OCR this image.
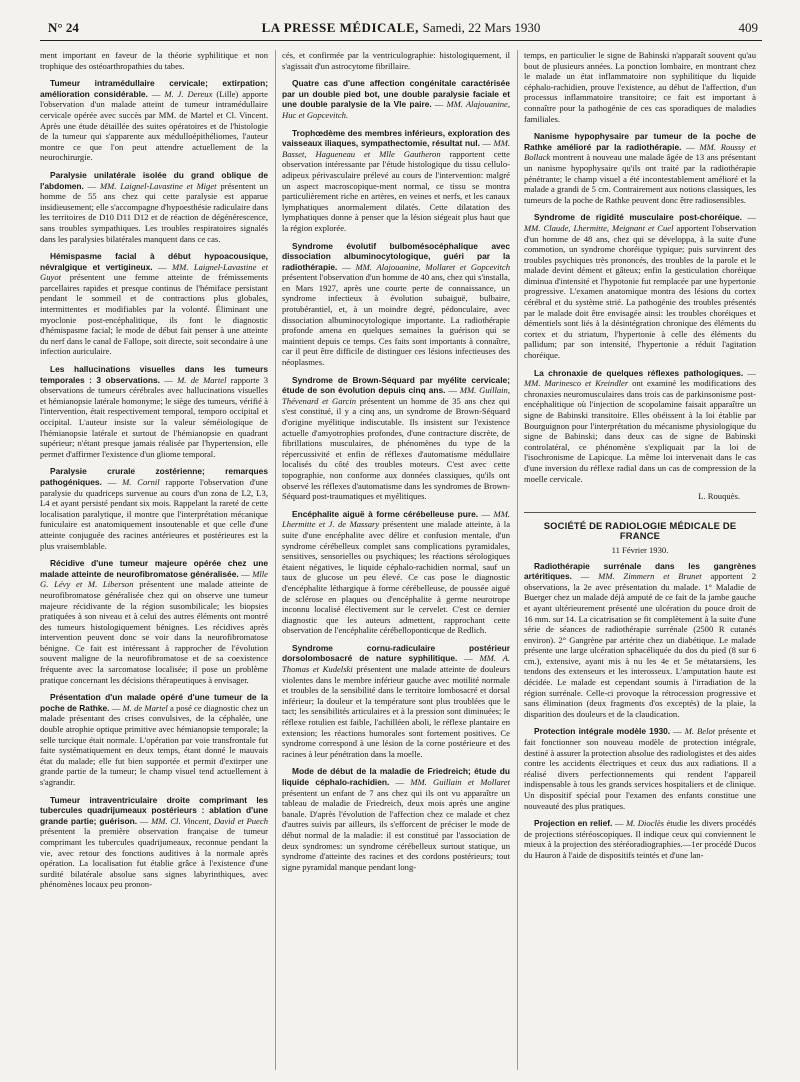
N° 24	LA PRESSE MÉDICALE, Samedi, 22 Mars 1930	409

ment important en faveur de la théorie syphilitique et non trophique des ostéoarthropathies du tabes.

Tumeur intramédullaire cervicale; extirpation; amélioration considérable. — M. J. Dereux (Lille) apporte l'observation d'un malade atteint de tumeur intramédullaire cervicale opérée avec succès par MM. de Martel et Cl. Vincent. Après une étude détaillée des suites opératoires et de l'histologie de la tumeur qui s'apparente aux médulloépithéliomes, l'auteur montre ce que l'on peut attendre actuellement de la neurochirurgie.

Paralysie unilatérale isolée du grand oblique de l'abdomen. — MM. Laignel-Lavastine et Miget présentent un homme de 55 ans chez qui cette paralysie est apparue insidieusement; elle s'accompagne d'hypoesthésie radiculaire dans les territoires de D10 D11 D12 et de réaction de dégénérescence, sans troubles sympathiques. Les troubles respiratoires signalés dans les paralysies bilatérales manquent dans ce cas.

Hémispasme facial à début hypoacousique, névralgique et vertigineux. — MM. Laignel-Lavastine et Guyot présentent une femme atteinte de frémissements parcellaires rapides et presque continus de l'hémiface persistant pendant le sommeil et de contractions plus globales, intermittentes et modifiables par la volonté. Éliminant une myoclonie post-encéphalitique, ils font le diagnostic d'hémispasme facial; le mode de début fait penser à une atteinte du nerf dans le canal de Fallope, soit directe, soit secondaire à une infection auriculaire.

Les hallucinations visuelles dans les tumeurs temporales : 3 observations. — M. de Martel rapporte 3 observations de tumeurs cérébrales avec hallucinations visuelles et hémianopsie latérale homonyme; le siège des tumeurs, vérifié à l'intervention, était respectivement temporal, temporo occipital et occipital. L'auteur insiste sur la valeur séméiologique de l'hémianopsie latérale et surtout de l'hémianopsie en quadrant supérieur; n'étant presque jamais réalisée par l'hypertension, elle permet d'affirmer l'existence d'un gliome temporal.

Paralysie crurale zostérienne; remarques pathogéniques. — M. Cornil rapporte l'observation d'une paralysie du quadriceps survenue au cours d'un zona de L2, L3, L4 et ayant persisté pendant six mois. Rappelant la rareté de cette localisation paralytique, il montre que l'interprétation mécanique funiculaire est anatomiquement insoutenable et que celle d'une atteinte conjuguée des racines antérieures et postérieures est la plus vraisemblable.

Récidive d'une tumeur majeure opérée chez une malade atteinte de neurofibromatose généralisée. — Mlle G. Lévy et M. Liberson présentent une malade atteinte de neurofibromatose généralisée chez qui on observe une tumeur majeure récidivante de la région susombilicale; les biopsies pratiquées à son niveau et à celui des autres éléments ont montré des tumeurs histologiquement bénignes. Les récidives après intervention peuvent donc se voir dans la neurofibromatose bénigne. Ce fait est intéressant à rapprocher de l'évolution souvent maligne de la neurofibromatose et de sa coexistence fréquente avec la sarcomatose localisée; il pose un problème pratique concernant les décisions thérapeutiques à envisager.

Présentation d'un malade opéré d'une tumeur de la poche de Rathke. — M. de Martel a posé ce diagnostic chez un malade présentant des crises convulsives, de la céphalée, une double atrophie optique primitive avec hémianopsie temporale; la selle turcique était normale. L'opération par voie transfrontale fut faite systématiquement en deux temps, étant donné le mauvais état du malade; elle fut bien supportée et permit d'extirper une grande partie de la tumeur; le champ visuel tend actuellement à s'agrandir.

Tumeur intraventriculaire droite comprimant les tubercules quadrijumeaux postérieurs : ablation d'une grande partie; guérison. — MM. Cl. Vincent, David et Puech présentent la première observation française de tumeur comprimant les tubercules quadrijumeaux, reconnue pendant la vie, avec retour des fonctions auditives à la normale après opération. La localisation fut établie grâce à l'existence d'une surdité bilatérale absolue sans signes labyrinthiques, avec phénomènes locaux peu pronon-

cés, et confirmée par la ventriculographie: histologiquement, il s'agissait d'un astrocytome fibrillaire.

Quatre cas d'une affection congénitale caractérisée par un double pied bot, une double paralysie faciale et une double paralysie de la VIe paire. — MM. Alajouanine, Huc et Gopcevitch.

Trophœdème des membres inférieurs, exploration des vaisseaux iliaques, sympathectomie, résultat nul. — MM. Basset, Hagueneau et Mlle Gautheron rapportent cette observation intéressante par l'étude histologique du tissu cellulo-adipeux périvasculaire prélevé au cours de l'intervention: malgré un aspect macroscopique-ment normal, ce tissu se montra particulièrement riche en artères, en veines et nerfs, et les canaux lymphatiques anormalement dilatés. Cette dilatation des lymphatiques donne à penser que la lésion siégeait plus haut que la région explorée.

Syndrome évolutif bulbomésocéphalique avec dissociation albuminocytologique, guéri par la radiothérapie. — MM. Alajouanine, Mollaret et Gopcevitch présentent l'observation d'un homme de 40 ans, chez qui s'installa, en Mars 1927, après une courte perte de connaissance, un syndrome infectieux à évolution subaiguë, bulbaire, protubérantiel, et, à un moindre degré, pédonculaire, avec dissociation albuminocytologique importante. La radiothérapie profonde amena en quelques semaines la guérison qui se maintient depuis ce temps. Ces faits sont importants à connaître, car il peut être difficile de distinguer ces lésions infectieuses des néoplasmes.

Syndrome de Brown-Séquard par myélite cervicale; étude de son évolution depuis cinq ans. — MM. Guillain, Thévenard et Garcin présentent un homme de 35 ans chez qui s'est constitué, il y a cinq ans, un syndrome de Brown-Séquard d'origine myélitique indiscutable. Ils insistent sur l'existence actuelle d'amyotrophies profondes, d'une contracture discrète, de fibrillations musculaires, de phénomènes du type de la répercussivité et enfin de réflexes d'automatisme médullaire localisés du côté des troubles moteurs. C'est avec cette topographie, non conforme aux données classiques, qu'ils ont observé les réflexes d'automatisme dans les syndromes de Brown-Séquard post-traumatiques et myélitiques.

Encéphalite aiguë à forme cérébelleuse pure. — MM. Lhermitte et J. de Massary présentent une malade atteinte, à la suite d'une encéphalite avec délire et confusion mentale, d'un syndrome cérébelleux complet sans complications pyramidales, sensitives, sensorielles ou psychiques; les réactions sérologiques étaient négatives, le liquide céphalo-rachidien normal, sauf un taux de glucose un peu élevé. Ce cas pose le diagnostic d'encéphalite léthargique à forme cérébelleuse, de poussée aiguë de sclérose en plaques ou d'encéphalite à germe neurotrope inconnu localisé électivement sur le cervelet. C'est ce dernier diagnostic que les auteurs admettent, rapprochant cette observation de l'encéphalite cérébelloponticque de Redlich.

Syndrome cornu-radiculaire postérieur dorsolombosacré de nature syphilitique. — MM. A. Thomas et Kudelski présentent une malade atteinte de douleurs violentes dans le membre inférieur gauche avec motilité normale et troubles de la sensibilité dans le territoire lombosacré et dorsal inférieur; la douleur et la température sont plus troublées que le tact; les sensibilités articulaires et à la pression sont diminuées; le réflexe rotulien est faible, l'achilléen aboli, le réflexe plantaire en extension; les réactions humorales sont fortement positives. Ce syndrome correspond à une lésion de la corne postérieure et des racines à leur pénétration dans la moelle.

Mode de début de la maladie de Friedreich; étude du liquide céphalo-rachidien. — MM. Guillain et Mollaret présentent un enfant de 7 ans chez qui ils ont vu apparaître un tableau de maladie de Friedreich, deux mois après une angine banale. D'après l'évolution de l'affection chez ce malade et chez d'autres suivis par ailleurs, ils s'efforcent de préciser le mode de début normal de la maladie: il est constitué par l'association de deux syndromes: un syndrome cérébelleux surtout statique, un syndrome d'atteinte des racines et des cordons postérieurs; tout signe pyramidal manque pendant long-

temps, en particulier le signe de Babinski n'apparaît souvent qu'au bout de plusieurs années. La ponction lombaire, en montrant chez le malade un état inflammatoire non syphilitique du liquide céphalo-rachidien, prouve l'existence, au début de l'affection, d'un processus inflammatoire transitoire; ce fait est important à connaître pour la pathogénie de ces cas sporadiques de maladies familiales.

Nanisme hypophysaire par tumeur de la poche de Rathke amélioré par la radiothérapie. — MM. Roussy et Bollack montrent à nouveau une malade âgée de 13 ans présentant un nanisme hypophysaire qu'ils ont traité par la radiothérapie pénétrante; le champ visuel a été incontestablement amélioré et la malade a grandi de 5 cm. Contrairement aux notions classiques, les tumeurs de la poche de Rathke peuvent donc être radiosensibles.

Syndrome de rigidité musculaire post-choréique. — MM. Claude, Lhermitte, Meignant et Cuel apportent l'observation d'un homme de 48 ans, chez qui se développa, à la suite d'une commotion, un syndrome choréique typique; puis survinrent des troubles psychiques très prononcés, des troubles de la parole et le malade devint dément et gâteux; enfin la gesticulation choréique diminua d'intensité et l'hypotonie fut remplacée par une hypertonie progressive. L'examen anatomique montra des lésions du cortex cérébral et du système strié. La pathogénie des troubles présentés par le malade doit être envisagée ainsi: les troubles choréiques et démentiels sont liés à la désintégration chronique des éléments du cortex et du striatum, l'hypertonie à celle des éléments du pallidum; par son intensité, l'hypertonie a réduit l'agitation choréique.

La chronaxie de quelques réflexes pathologiques. — MM. Marinesco et Kreindler ont examiné les modifications des chronaxies neuromusculaires dans trois cas de parkinsonisme post-encéphalitique où l'injection de scopolamine faisait apparaître un signe de Babinski transitoire. Elles obéissent à la loi établie par Bourguignon pour l'interprétation du mécanisme physiologique du signe de Babinski; dans deux cas de signe de Babinski controlatéral, ce phénomène s'expliquait par la loi de l'isochronisme de Lapicque. La même loi intervenait dans le cas d'une inversion du réflexe radial dans un cas de compression de la moelle cervicale.

L. Rouquès.
SOCIÉTÉ DE RADIOLOGIE MÉDICALE DE FRANCE
11 Février 1930.

Radiothérapie surrénale dans les gangrènes artéritiques. — MM. Zimmern et Brunet apportent 2 observations, la 2e avec présentation du malade. 1° Maladie de Buerger chez un malade déjà amputé de ce fait de la jambe gauche et ayant ultérieurement présenté une ulcération du pouce droit de 16 mm. sur 14. La cicatrisation se fit complètement à la suite d'une série de séances de radiothérapie surrénale (2500 R cutanés environ). 2° Gangrène par artérite chez un diabétique. Le malade présente une large ulcération sphacéliquée du dos du pied (8 sur 6 cm.), extensive, ayant mis à nu les 4e et 5e métatarsiens, les tendons des extenseurs et les interosseux. L'amputation haute est décidée. Le malade est cependant soumis à l'irradiation de la région surrénale. Celle-ci provoque la rétrocession progressive et sans élimination (deux fragments d'os exceptés) de la plaie, la disparition des douleurs et de la claudication.

Protection intégrale modèle 1930. — M. Belot présente et fait fonctionner son nouveau modèle de protection intégrale, destiné à assurer la protection absolue des radiologistes et des aides contre les accidents électriques et ceux dus aux radiations. Il a réalisé divers perfectionnements qui rendent l'appareil indispensable à tous les grands services hospitaliers et de clinique. Un dispositif spécial pour l'examen des enfants constitue une nouveauté des plus pratiques.

Projection en relief. — M. Dioclès étudie les divers procédés de projections stéréoscopiques. Il indique ceux qui conviennent le mieux à la projection des stéréoradiographies.—1er procédé Ducos du Hauron à l'aide de dispositifs teintés et d'une lan-
